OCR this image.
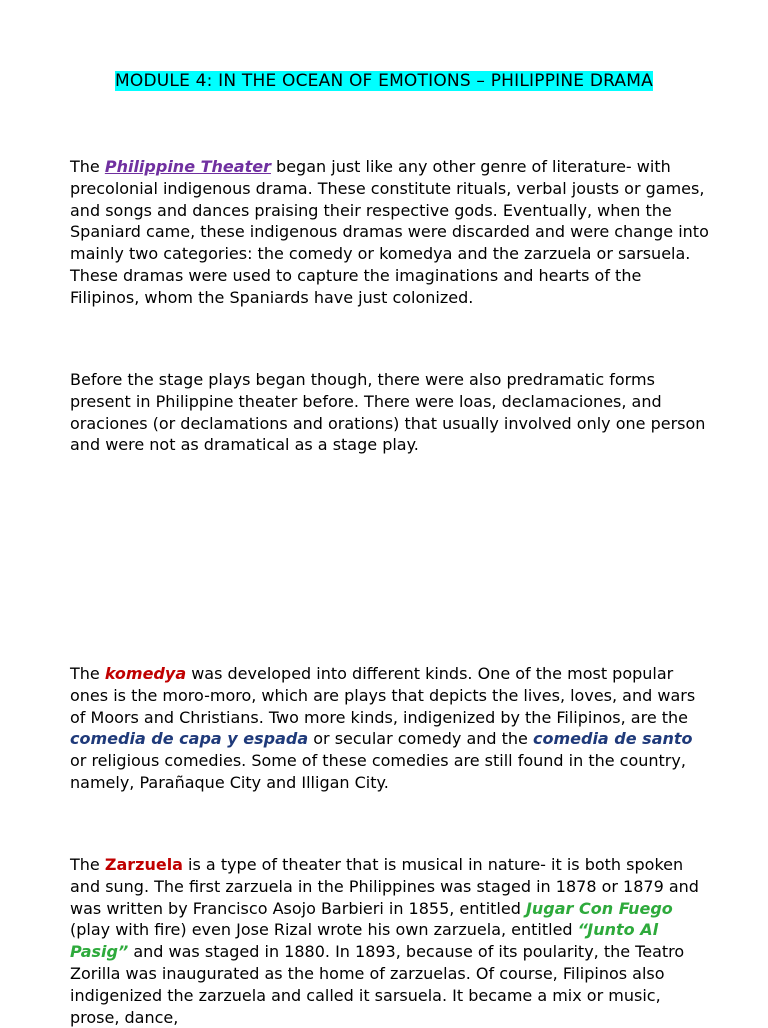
MODULE 4: IN THE OCEAN OF EMOTIONS – PHILIPPINE DRAMA

The Philippine Theater began just like any other genre of literature- with precolonial indigenous drama. These constitute rituals, verbal jousts or games, and songs and dances praising their respective gods. Eventually, when the Spaniard came, these indigenous dramas were discarded and were change into mainly two categories: the comedy or komedya and the zarzuela or sarsuela. These dramas were used to capture the imaginations and hearts of the Filipinos, whom the Spaniards have just colonized.

Before the stage plays began though, there were also predramatic forms present in Philippine theater before. There were loas, declamaciones, and oraciones (or declamations and orations) that usually involved only one person and were not as dramatical as a stage play.

The komedya was developed into different kinds. One of the most popular ones is the moro-moro, which are plays that depicts the lives, loves, and wars of Moors and Christians. Two more kinds, indigenized by the Filipinos, are the comedia de capa y espada or secular comedy and the comedia de santo or religious comedies. Some of these comedies are still found in the country, namely, Parañaque City and Illigan City.

The Zarzuela is a type of theater that is musical in nature- it is both spoken and sung. The first zarzuela in the Philippines was staged in 1878 or 1879 and was written by Francisco Asojo Barbieri in 1855, entitled Jugar Con Fuego (play with fire) even Jose Rizal wrote his own zarzuela, entitled “Junto Al Pasig” and was staged in 1880. In 1893, because of its poularity, the Teatro Zorilla was inaugurated as the home of zarzuelas. Of course, Filipinos also indigenized the zarzuela and called it sarsuela. It became a mix or music, prose, dance,
